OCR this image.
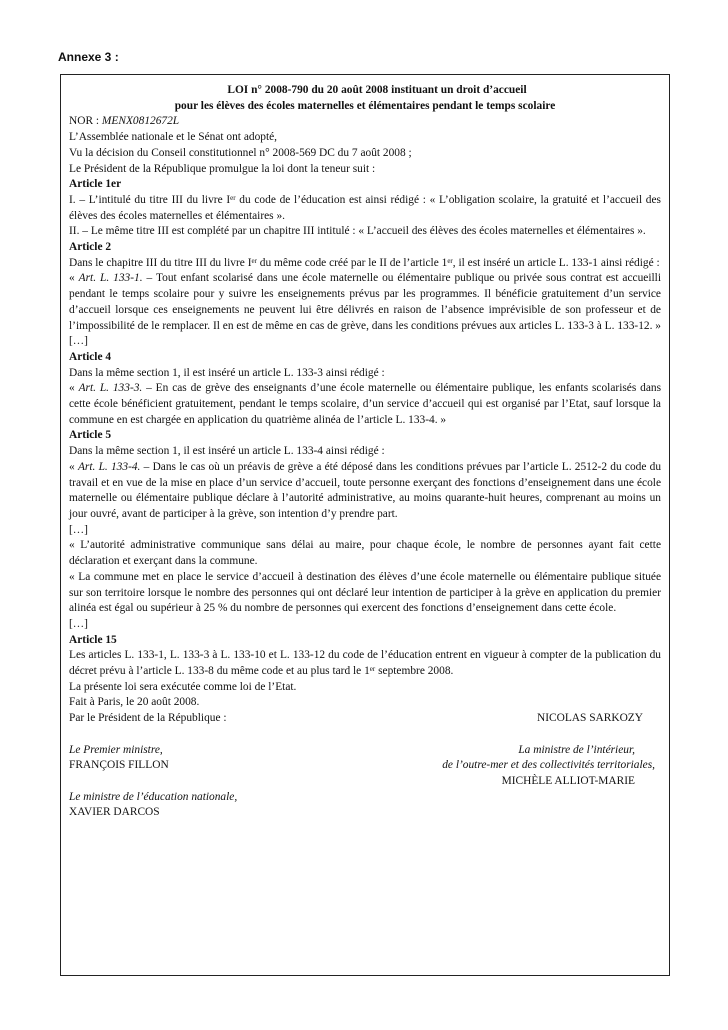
Annexe 3 :
LOI n° 2008-790 du 20 août 2008 instituant un droit d’accueil
pour les élèves des écoles maternelles et élémentaires pendant le temps scolaire
NOR : MENX0812672L
L’Assemblée nationale et le Sénat ont adopté,
Vu la décision du Conseil constitutionnel n° 2008-569 DC du 7 août 2008 ;
Le Président de la République promulgue la loi dont la teneur suit :
Article 1er
I. – L’intitulé du titre III du livre Ier du code de l’éducation est ainsi rédigé : « L’obligation scolaire, la gratuité et l’accueil des élèves des écoles maternelles et élémentaires ».
II. – Le même titre III est complété par un chapitre III intitulé : « L’accueil des élèves des écoles maternelles et élémentaires ».
Article 2
Dans le chapitre III du titre III du livre Ier du même code créé par le II de l’article 1er, il est inséré un article L. 133-1 ainsi rédigé :
« Art. L. 133-1. – Tout enfant scolarisé dans une école maternelle ou élémentaire publique ou privée sous contrat est accueilli pendant le temps scolaire pour y suivre les enseignements prévus par les programmes. Il bénéficie gratuitement d’un service d’accueil lorsque ces enseignements ne peuvent lui être délivrés en raison de l’absence imprévisible de son professeur et de l’impossibilité de le remplacer. Il en est de même en cas de grève, dans les conditions prévues aux articles L. 133-3 à L. 133-12. » […]
Article 4
Dans la même section 1, il est inséré un article L. 133-3 ainsi rédigé :
« Art. L. 133-3. – En cas de grève des enseignants d’une école maternelle ou élémentaire publique, les enfants scolarisés dans cette école bénéficient gratuitement, pendant le temps scolaire, d’un service d’accueil qui est organisé par l’Etat, sauf lorsque la commune en est chargée en application du quatrième alinéa de l’article L. 133-4. »
Article 5
Dans la même section 1, il est inséré un article L. 133-4 ainsi rédigé :
« Art. L. 133-4. – Dans le cas où un préavis de grève a été déposé dans les conditions prévues par l’article L. 2512-2 du code du travail et en vue de la mise en place d’un service d’accueil, toute personne exerçant des fonctions d’enseignement dans une école maternelle ou élémentaire publique déclare à l’autorité administrative, au moins quarante-huit heures, comprenant au moins un jour ouvré, avant de participer à la grève, son intention d’y prendre part.
[…]
« L’autorité administrative communique sans délai au maire, pour chaque école, le nombre de personnes ayant fait cette déclaration et exerçant dans la commune.
« La commune met en place le service d’accueil à destination des élèves d’une école maternelle ou élémentaire publique située sur son territoire lorsque le nombre des personnes qui ont déclaré leur intention de participer à la grève en application du premier alinéa est égal ou supérieur à 25 % du nombre de personnes qui exercent des fonctions d’enseignement dans cette école.
[…]
Article 15
Les articles L. 133-1, L. 133-3 à L. 133-10 et L. 133-12 du code de l’éducation entrent en vigueur à compter de la publication du décret prévu à l’article L. 133-8 du même code et au plus tard le 1er septembre 2008.
La présente loi sera exécutée comme loi de l’Etat.
Fait à Paris, le 20 août 2008.
Par le Président de la République :	NICOLAS SARKOZY
Le Premier ministre,
FRANÇOIS FILLON
La ministre de l’intérieur,
de l’outre-mer et des collectivités territoriales,
MICHÈLE ALLIOT-MARIE
Le ministre de l’éducation nationale,
XAVIER DARCOS
